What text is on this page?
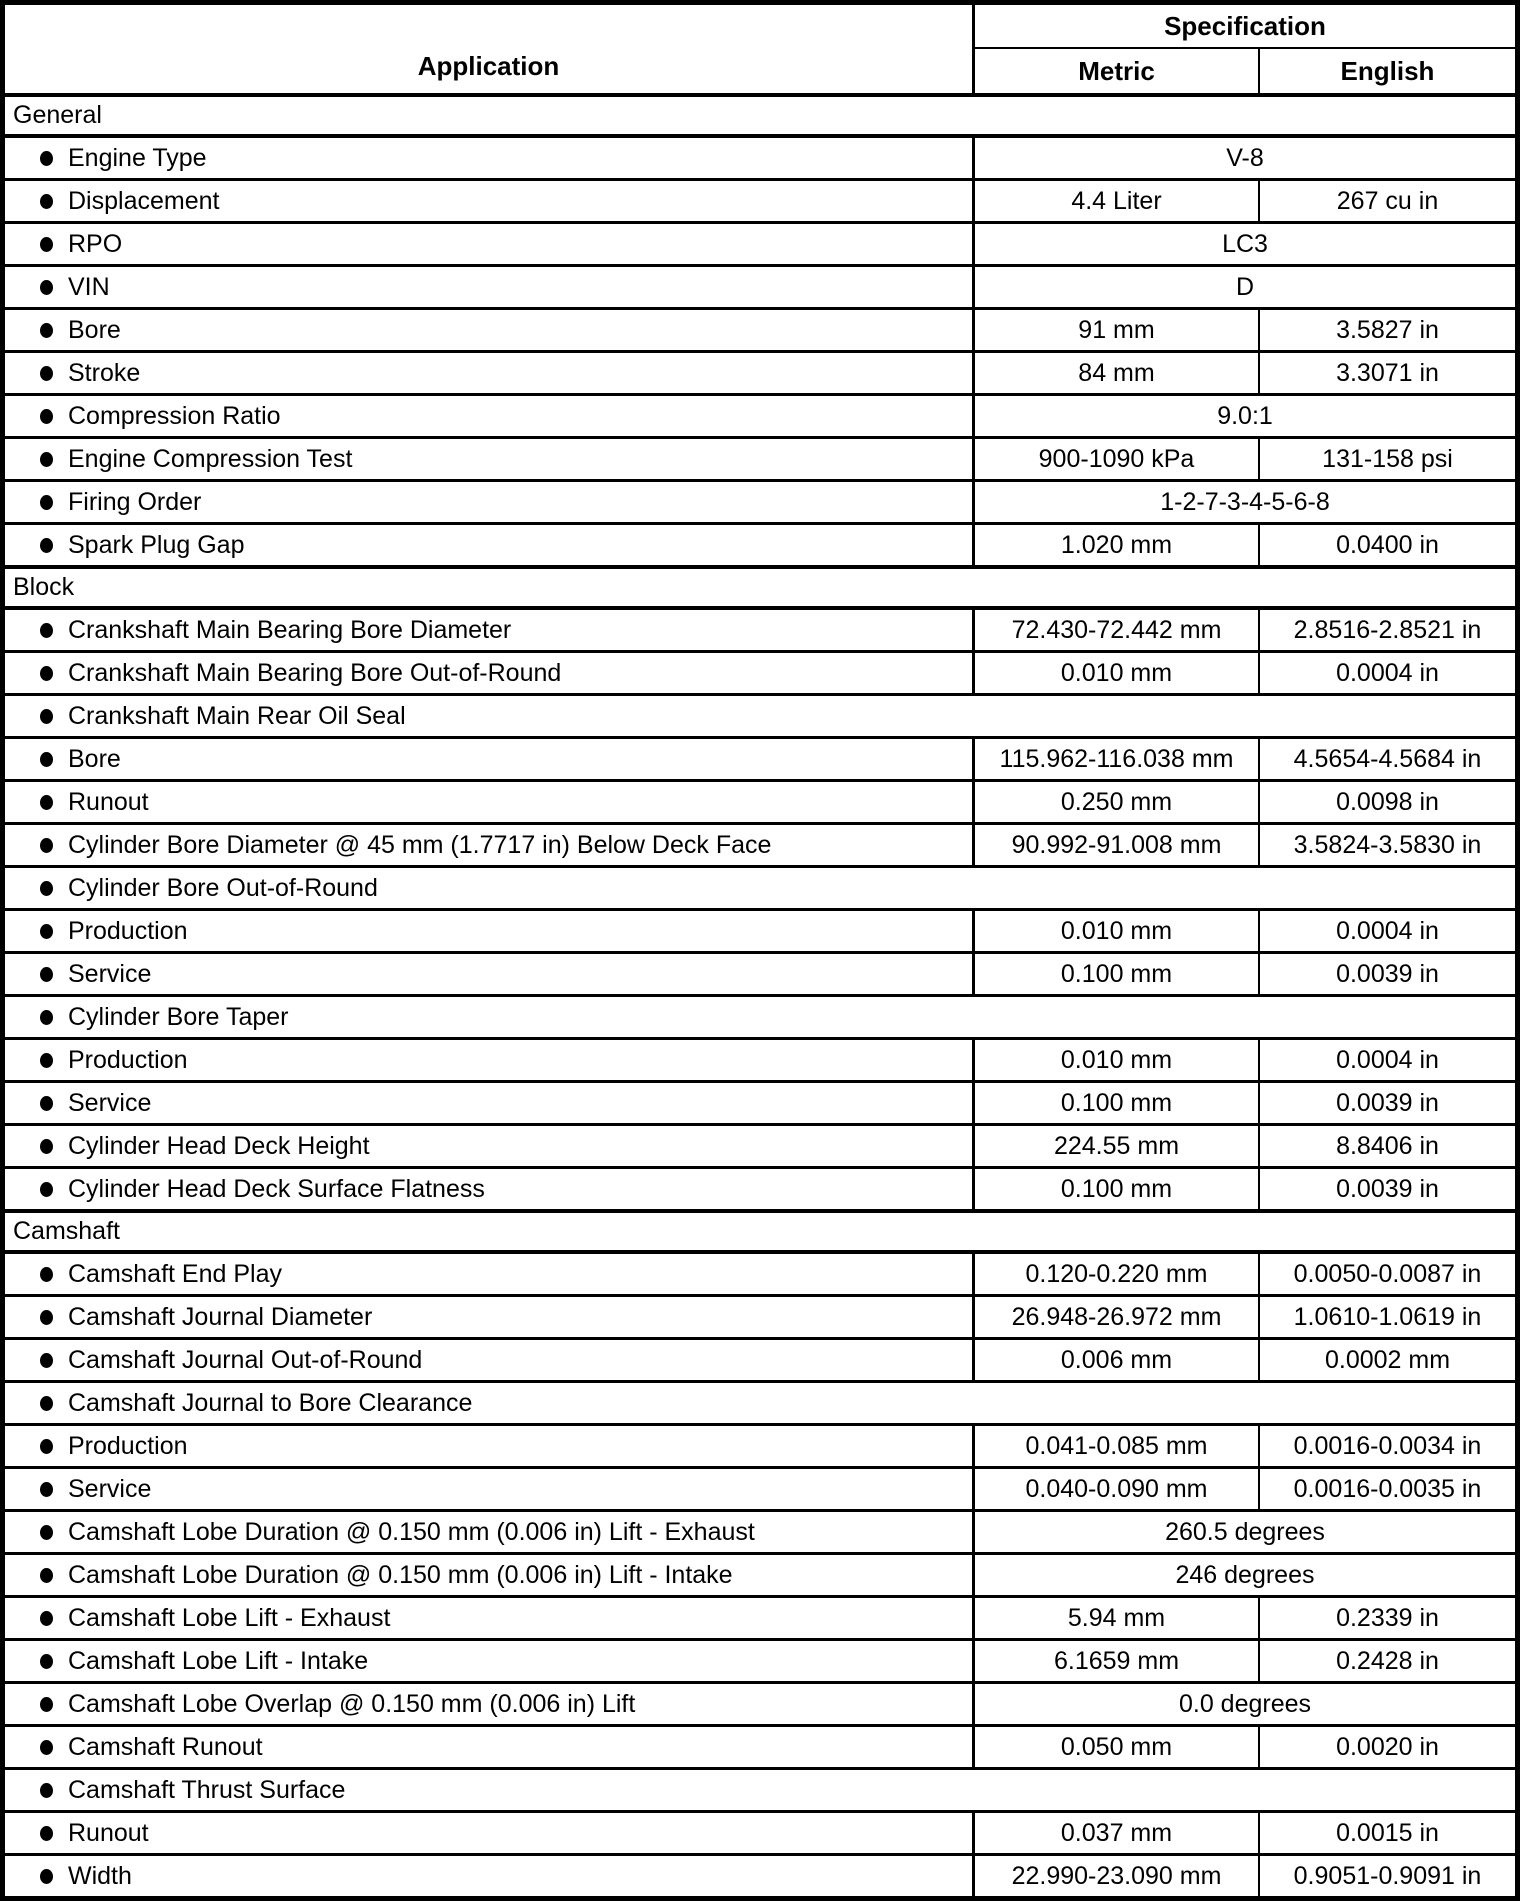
Application
Specification
Metric	English
General
Engine Type	V-8
Displacement	4.4 Liter	267 cu in
RPO	LC3
VIN	D
Bore	91 mm	3.5827 in
Stroke	84 mm	3.3071 in
Compression Ratio	9.0:1
Engine Compression Test	900-1090 kPa	131-158 psi
Firing Order	1-2-7-3-4-5-6-8
Spark Plug Gap	1.020 mm	0.0400 in
Block
Crankshaft Main Bearing Bore Diameter	72.430-72.442 mm	2.8516-2.8521 in
Crankshaft Main Bearing Bore Out-of-Round	0.010 mm	0.0004 in
Crankshaft Main Rear Oil Seal
Bore	115.962-116.038 mm	4.5654-4.5684 in
Runout	0.250 mm	0.0098 in
Cylinder Bore Diameter @ 45 mm (1.7717 in) Below Deck Face	90.992-91.008 mm	3.5824-3.5830 in
Cylinder Bore Out-of-Round
Production	0.010 mm	0.0004 in
Service	0.100 mm	0.0039 in
Cylinder Bore Taper
Production	0.010 mm	0.0004 in
Service	0.100 mm	0.0039 in
Cylinder Head Deck Height	224.55 mm	8.8406 in
Cylinder Head Deck Surface Flatness	0.100 mm	0.0039 in
Camshaft
Camshaft End Play	0.120-0.220 mm	0.0050-0.0087 in
Camshaft Journal Diameter	26.948-26.972 mm	1.0610-1.0619 in
Camshaft Journal Out-of-Round	0.006 mm	0.0002 mm
Camshaft Journal to Bore Clearance
Production	0.041-0.085 mm	0.0016-0.0034 in
Service	0.040-0.090 mm	0.0016-0.0035 in
Camshaft Lobe Duration @ 0.150 mm (0.006 in) Lift - Exhaust	260.5 degrees
Camshaft Lobe Duration @ 0.150 mm (0.006 in) Lift - Intake	246 degrees
Camshaft Lobe Lift - Exhaust	5.94 mm	0.2339 in
Camshaft Lobe Lift - Intake	6.1659 mm	0.2428 in
Camshaft Lobe Overlap @ 0.150 mm (0.006 in) Lift	0.0 degrees
Camshaft Runout	0.050 mm	0.0020 in
Camshaft Thrust Surface
Runout	0.037 mm	0.0015 in
Width	22.990-23.090 mm	0.9051-0.9091 in
